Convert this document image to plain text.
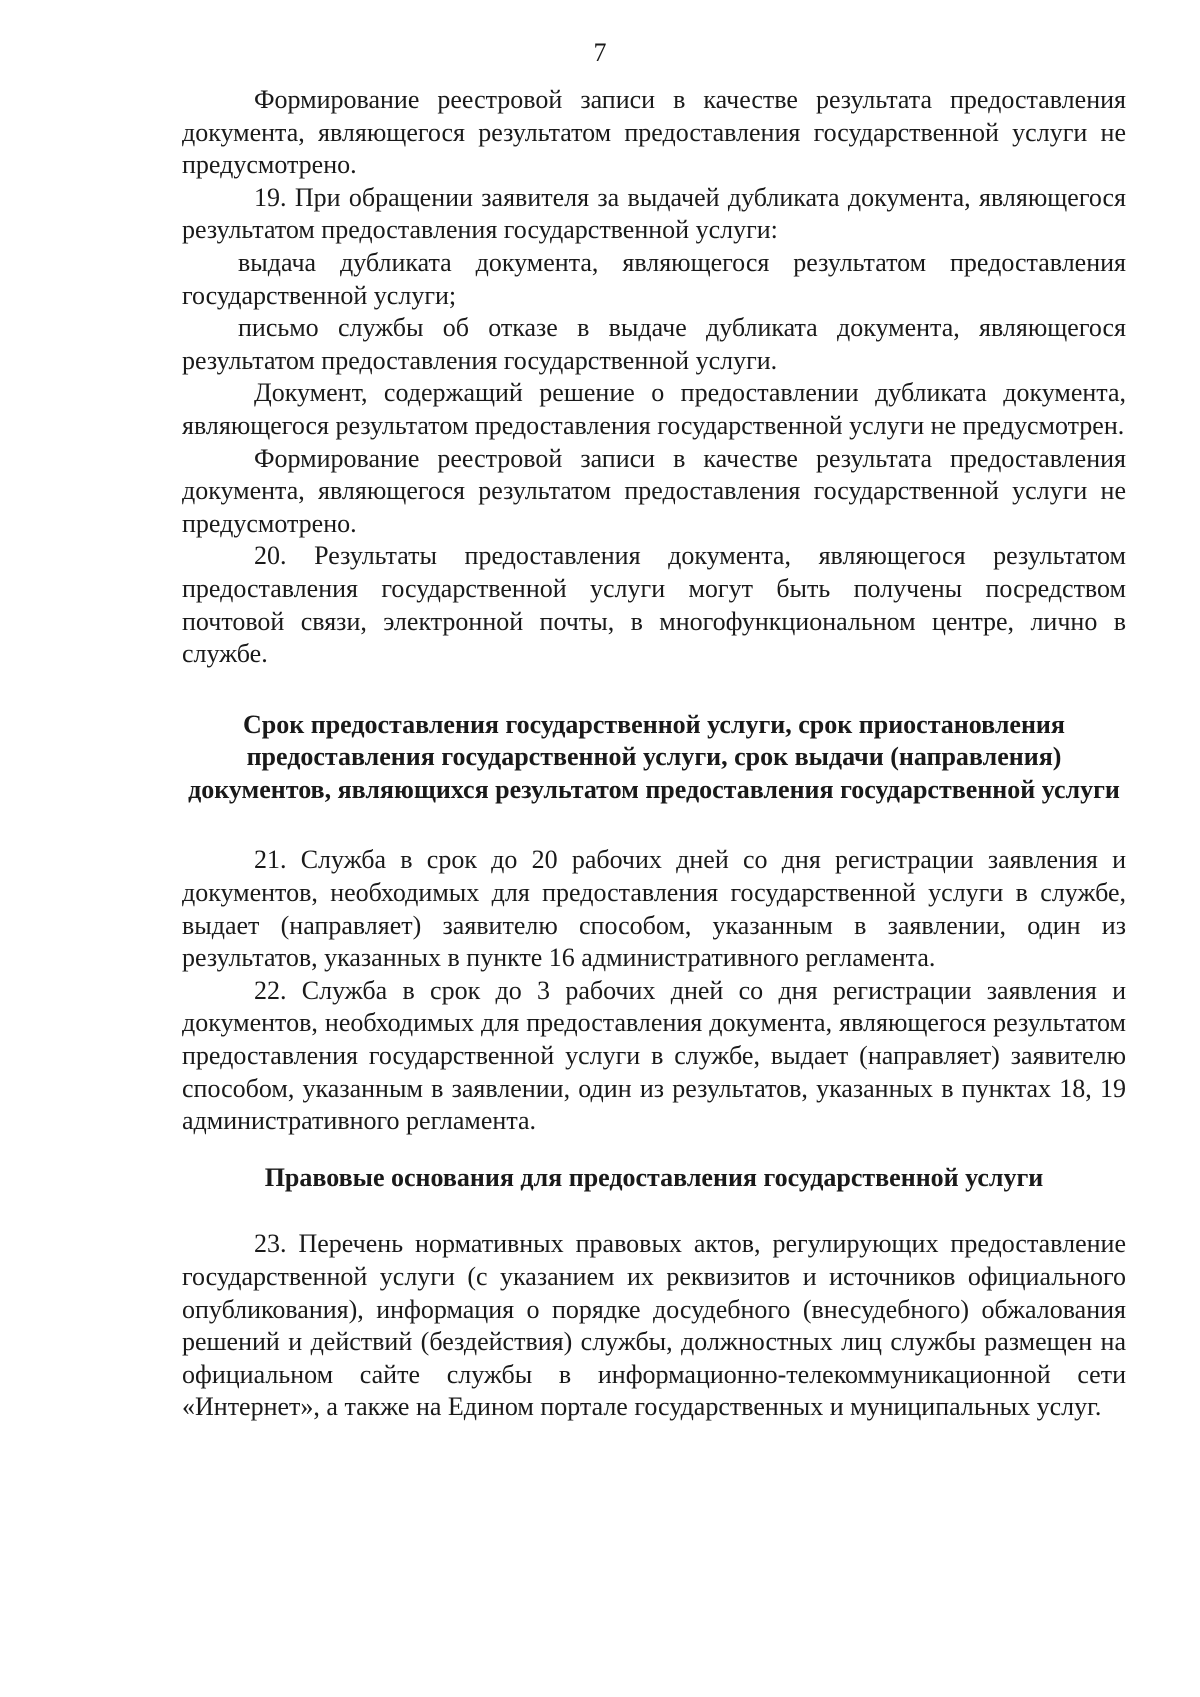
7

Формирование реестровой записи в качестве результата предоставления документа, являющегося результатом предоставления государственной услуги не предусмотрено.

19. При обращении заявителя за выдачей дубликата документа, являющегося результатом предоставления государственной услуги:

выдача дубликата документа, являющегося результатом предоставления государственной услуги;

письмо службы об отказе в выдаче дубликата документа, являющегося результатом предоставления государственной услуги.

Документ, содержащий решение о предоставлении дубликата документа, являющегося результатом предоставления государственной услуги не предусмотрен.

Формирование реестровой записи в качестве результата предоставления документа, являющегося результатом предоставления государственной услуги не предусмотрено.

20. Результаты предоставления документа, являющегося результатом предоставления государственной услуги могут быть получены посредством почтовой связи, электронной почты, в многофункциональном центре, лично в службе.

Срок предоставления государственной услуги, срок приостановления предоставления государственной услуги, срок выдачи (направления) документов, являющихся результатом предоставления государственной услуги

21. Служба в срок до 20 рабочих дней со дня регистрации заявления и документов, необходимых для предоставления государственной услуги в службе, выдает (направляет) заявителю способом, указанным в заявлении, один из результатов, указанных в пункте 16 административного регламента.

22. Служба в срок до 3 рабочих дней со дня регистрации заявления и документов, необходимых для предоставления документа, являющегося результатом предоставления государственной услуги в службе, выдает (направляет) заявителю способом, указанным в заявлении, один из результатов, указанных в пунктах 18, 19 административного регламента.

Правовые основания для предоставления государственной услуги

23. Перечень нормативных правовых актов, регулирующих предоставление государственной услуги (с указанием их реквизитов и источников официального опубликования), информация о порядке досудебного (внесудебного) обжалования решений и действий (бездействия) службы, должностных лиц службы размещен на официальном сайте службы в информационно-телекоммуникационной сети «Интернет», а также на Едином портале государственных и муниципальных услуг.
